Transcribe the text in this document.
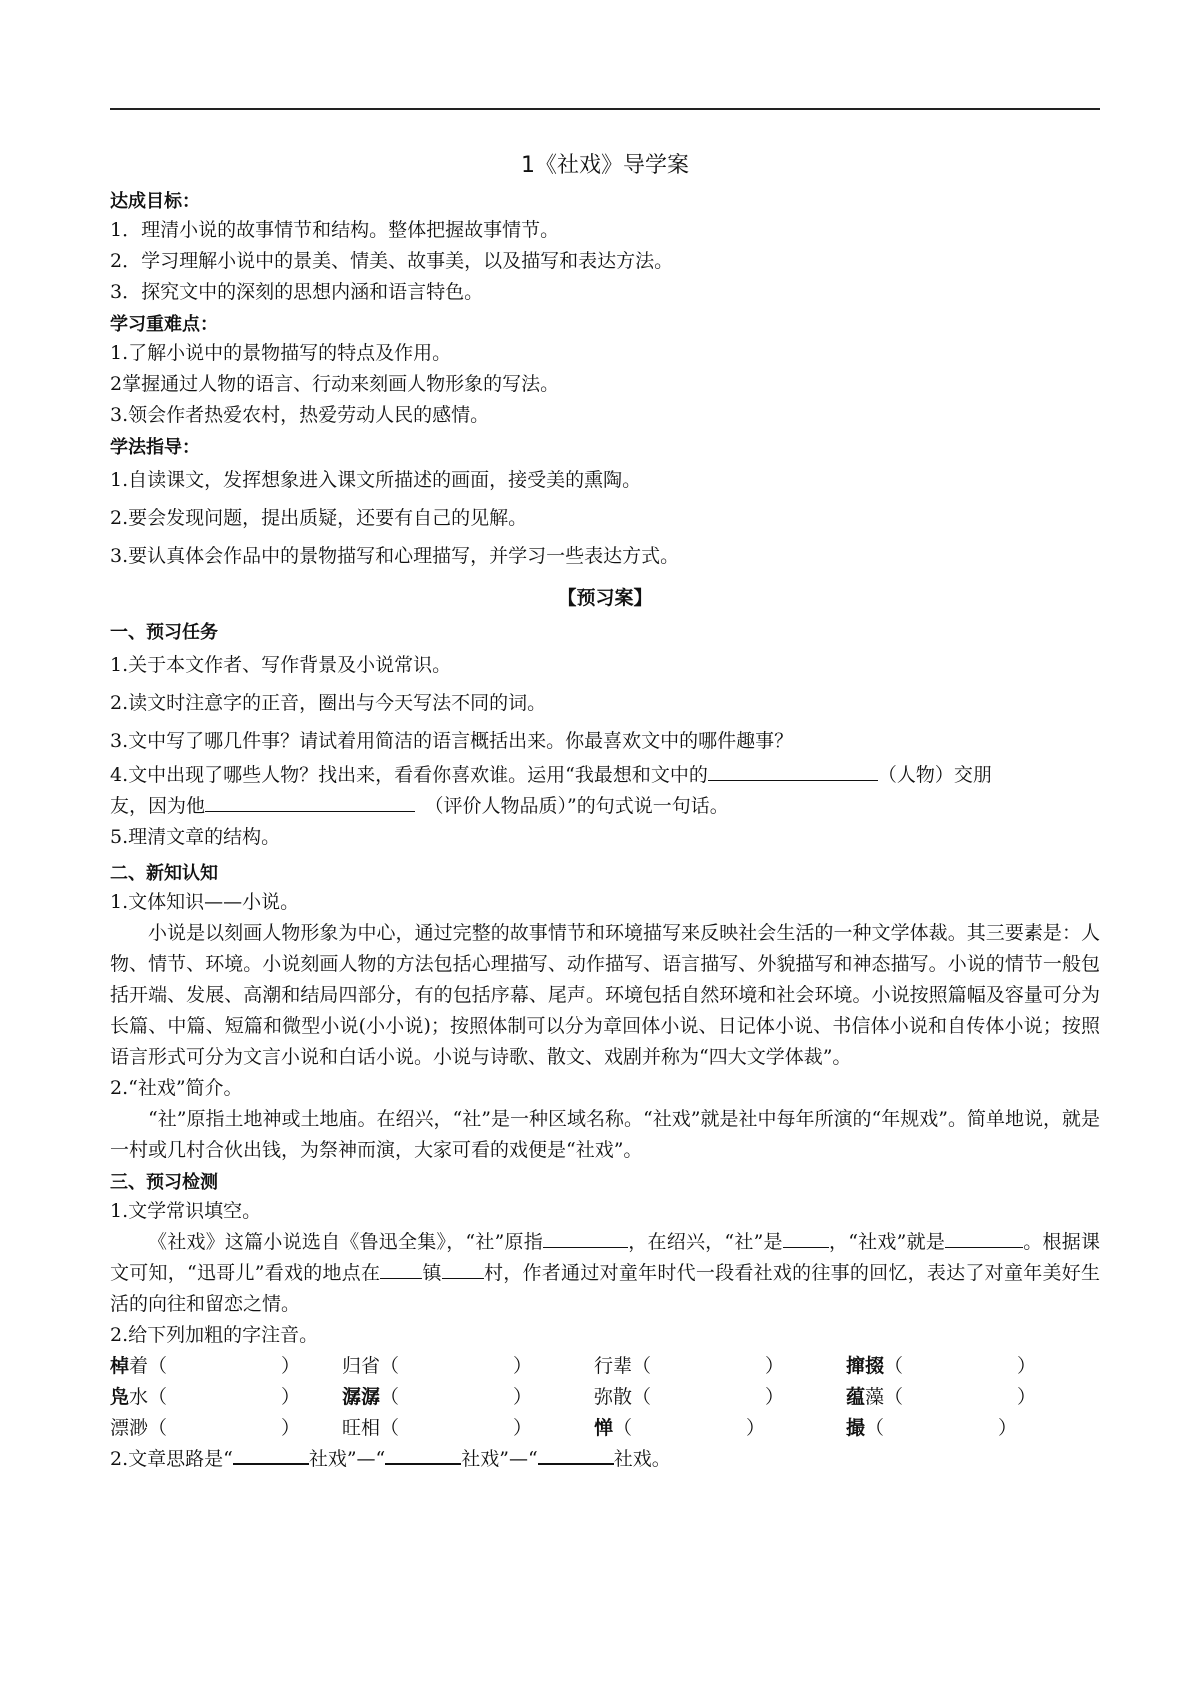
1《社戏》导学案
达成目标：

1．理清小说的故事情节和结构。整体把握故事情节。

2．学习理解小说中的景美、情美、故事美，以及描写和表达方法。

3．探究文中的深刻的思想内涵和语言特色。

学习重难点：

1.了解小说中的景物描写的特点及作用。

2掌握通过人物的语言、行动来刻画人物形象的写法。

3.领会作者热爱农村，热爱劳动人民的感情。

学法指导：

1.自读课文，发挥想象进入课文所描述的画面，接受美的熏陶。

2.要会发现问题，提出质疑，还要有自己的见解。

3.要认真体会作品中的景物描写和心理描写，并学习一些表达方式。

【预习案】
一、预习任务

1.关于本文作者、写作背景及小说常识。

2.读文时注意字的正音，圈出与今天写法不同的词。

3.文中写了哪几件事？请试着用简洁的语言概括出来。你最喜欢文中的哪件趣事？

4.文中出现了哪些人物？找出来，看看你喜欢谁。运用“我最想和文中的	（人物）交朋
友，因为他　	（评价人物品质）”的句式说一句话。

5.理清文章的结构。

二、新知认知

1.文体知识——小说。

小说是以刻画人物形象为中心，通过完整的故事情节和环境描写来反映社会生活的一种文学体裁。其三要素是：人物、情节、环境。小说刻画人物的方法包括心理描写、动作描写、语言描写、外貌描写和神态描写。小说的情节一般包括开端、发展、高潮和结局四部分，有的包括序幕、尾声。环境包括自然环境和社会环境。小说按照篇幅及容量可分为长篇、中篇、短篇和微型小说(小小说)；按照体制可以分为章回体小说、日记体小说、书信体小说和自传体小说；按照语言形式可分为文言小说和白话小说。小说与诗歌、散文、戏剧并称为“四大文学体裁”。

2.“社戏”简介。

“社”原指土地神或土地庙。在绍兴，“社”是一种区域名称。“社戏”就是社中每年所演的“年规戏”。简单地说，就是一村或几村合伙出钱，为祭神而演，大家可看的戏便是“社戏”。

三、预习检测

1.文学常识填空。

《社戏》这篇小说选自《鲁迅全集》，“社”原指	，在绍兴，“社”是 ，“社戏”就是	。根据课文可知，“迅哥儿”看戏的地点在 镇 村，作者通过对童年时代一段看社戏的往事的回忆，表达了对童年美好生活的向往和留恋之情。

2.给下列加粗的字注音。

棹着（　　　　　　）	归省（　　　　　　）	行辈（　　　　　　）	撺掇（　　　　　　）
凫水（　　　　　　）	潺潺（　　　　　　）	弥散（　　　　　　）	蕴藻（　　　　　　）
漂渺（　　　　　　）	旺相（　　　　　　）	惮（　　　　　　）	撮（　　　　　　）

2.文章思路是“	社戏”—“	社戏”—“	社戏。
